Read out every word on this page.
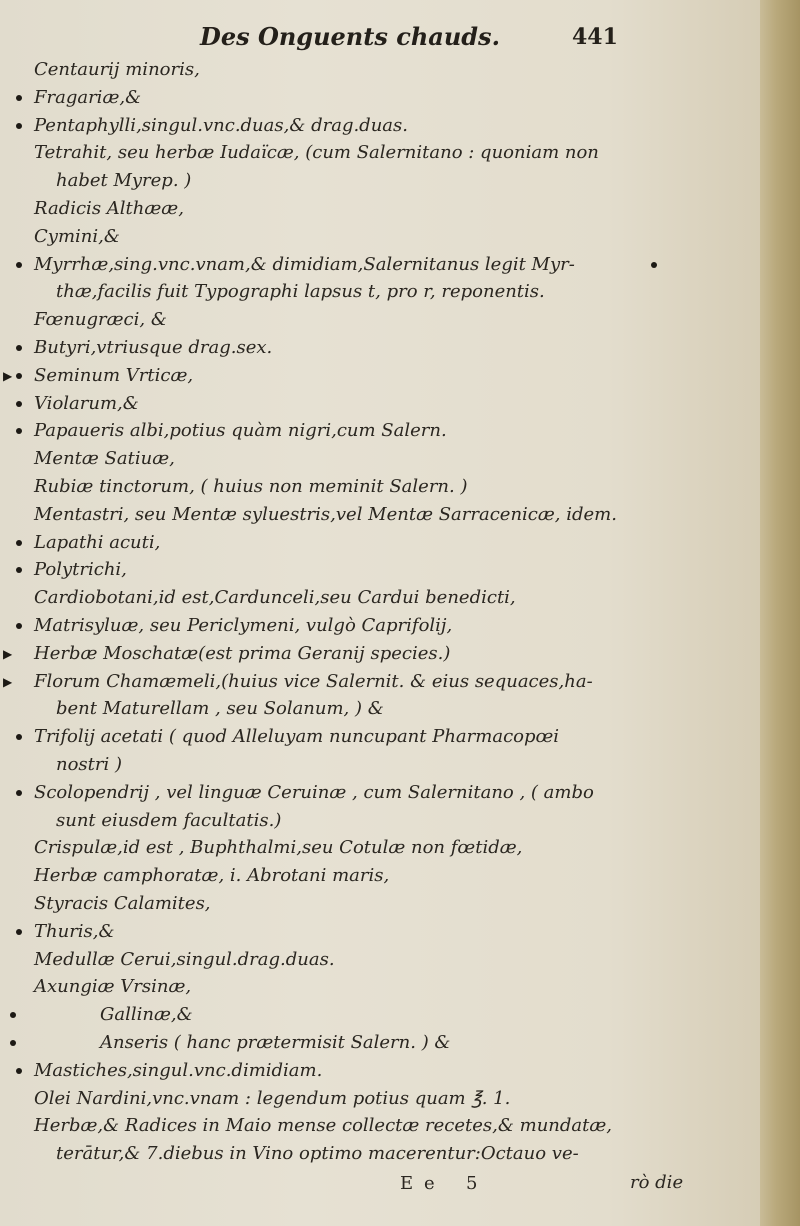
Des Onguents chauds.	441
Centaurij minoris,
Fragariæ,&
Pentaphylli,singul.vnc.duas,& drag.duas.
Tetrahit, seu herbæ Iudaïcæ, (cum Salernitano : quoniam non
habet Myrep. )
Radicis Althææ,
Cymini,&
Myrrhæ,sing.vnc.vnam,& dimidiam,Salernitanus legit Myr-
thæ,facilis fuit Typographi lapsus t, pro r, reponentis.
Fœnugræci, &
Butyri,vtriusque drag.sex.
▶ Seminum Vrticæ,
Violarum,&
Papaueris albi,potius quàm nigri,cum Salern.
Mentæ Satiuæ,
Rubiæ tinctorum, ( huius non meminit Salern. )
Mentastri, seu Mentæ syluestris,vel Mentæ Sarracenicæ, idem.
Lapathi acuti,
Polytrichi,
Cardiobotani,id est,Cardunceli,seu Cardui benedicti,
Matrisyluæ, seu Periclymeni, vulgò Caprifolij,
▶ Herbæ Moschatæ(est prima Geranij species.)
▶ Florum Chamæmeli,(huius vice Salernit. & eius sequaces,ha-
bent Maturellam , seu Solanum, ) &
Trifolij acetati ( quod Alleluyam nuncupant Pharmacopœi
nostri )
Scolopendrij , vel linguæ Ceruinæ , cum Salernitano , ( ambo
sunt eiusdem facultatis.)
Crispulæ,id est , Buphthalmi,seu Cotulæ non fœtidæ,
Herbæ camphoratæ, i. Abrotani maris,
Styracis Calamites,
Thuris,&
Medullæ Cerui,singul.drag.duas.
Axungiæ Vrsinæ,
Gallinæ,&
Anseris ( hanc prætermisit Salern. ) &
Mastiches,singul.vnc.dimidiam.
Olei Nardini,vnc.vnam : legendum potius quam ℥. 1.
Herbæ,& Radices in Maio mense collectæ recetes,& mundatæ,
terātur,& 7.diebus in Vino optimo macerentur:Octauo ve-
E e 5	rò die
